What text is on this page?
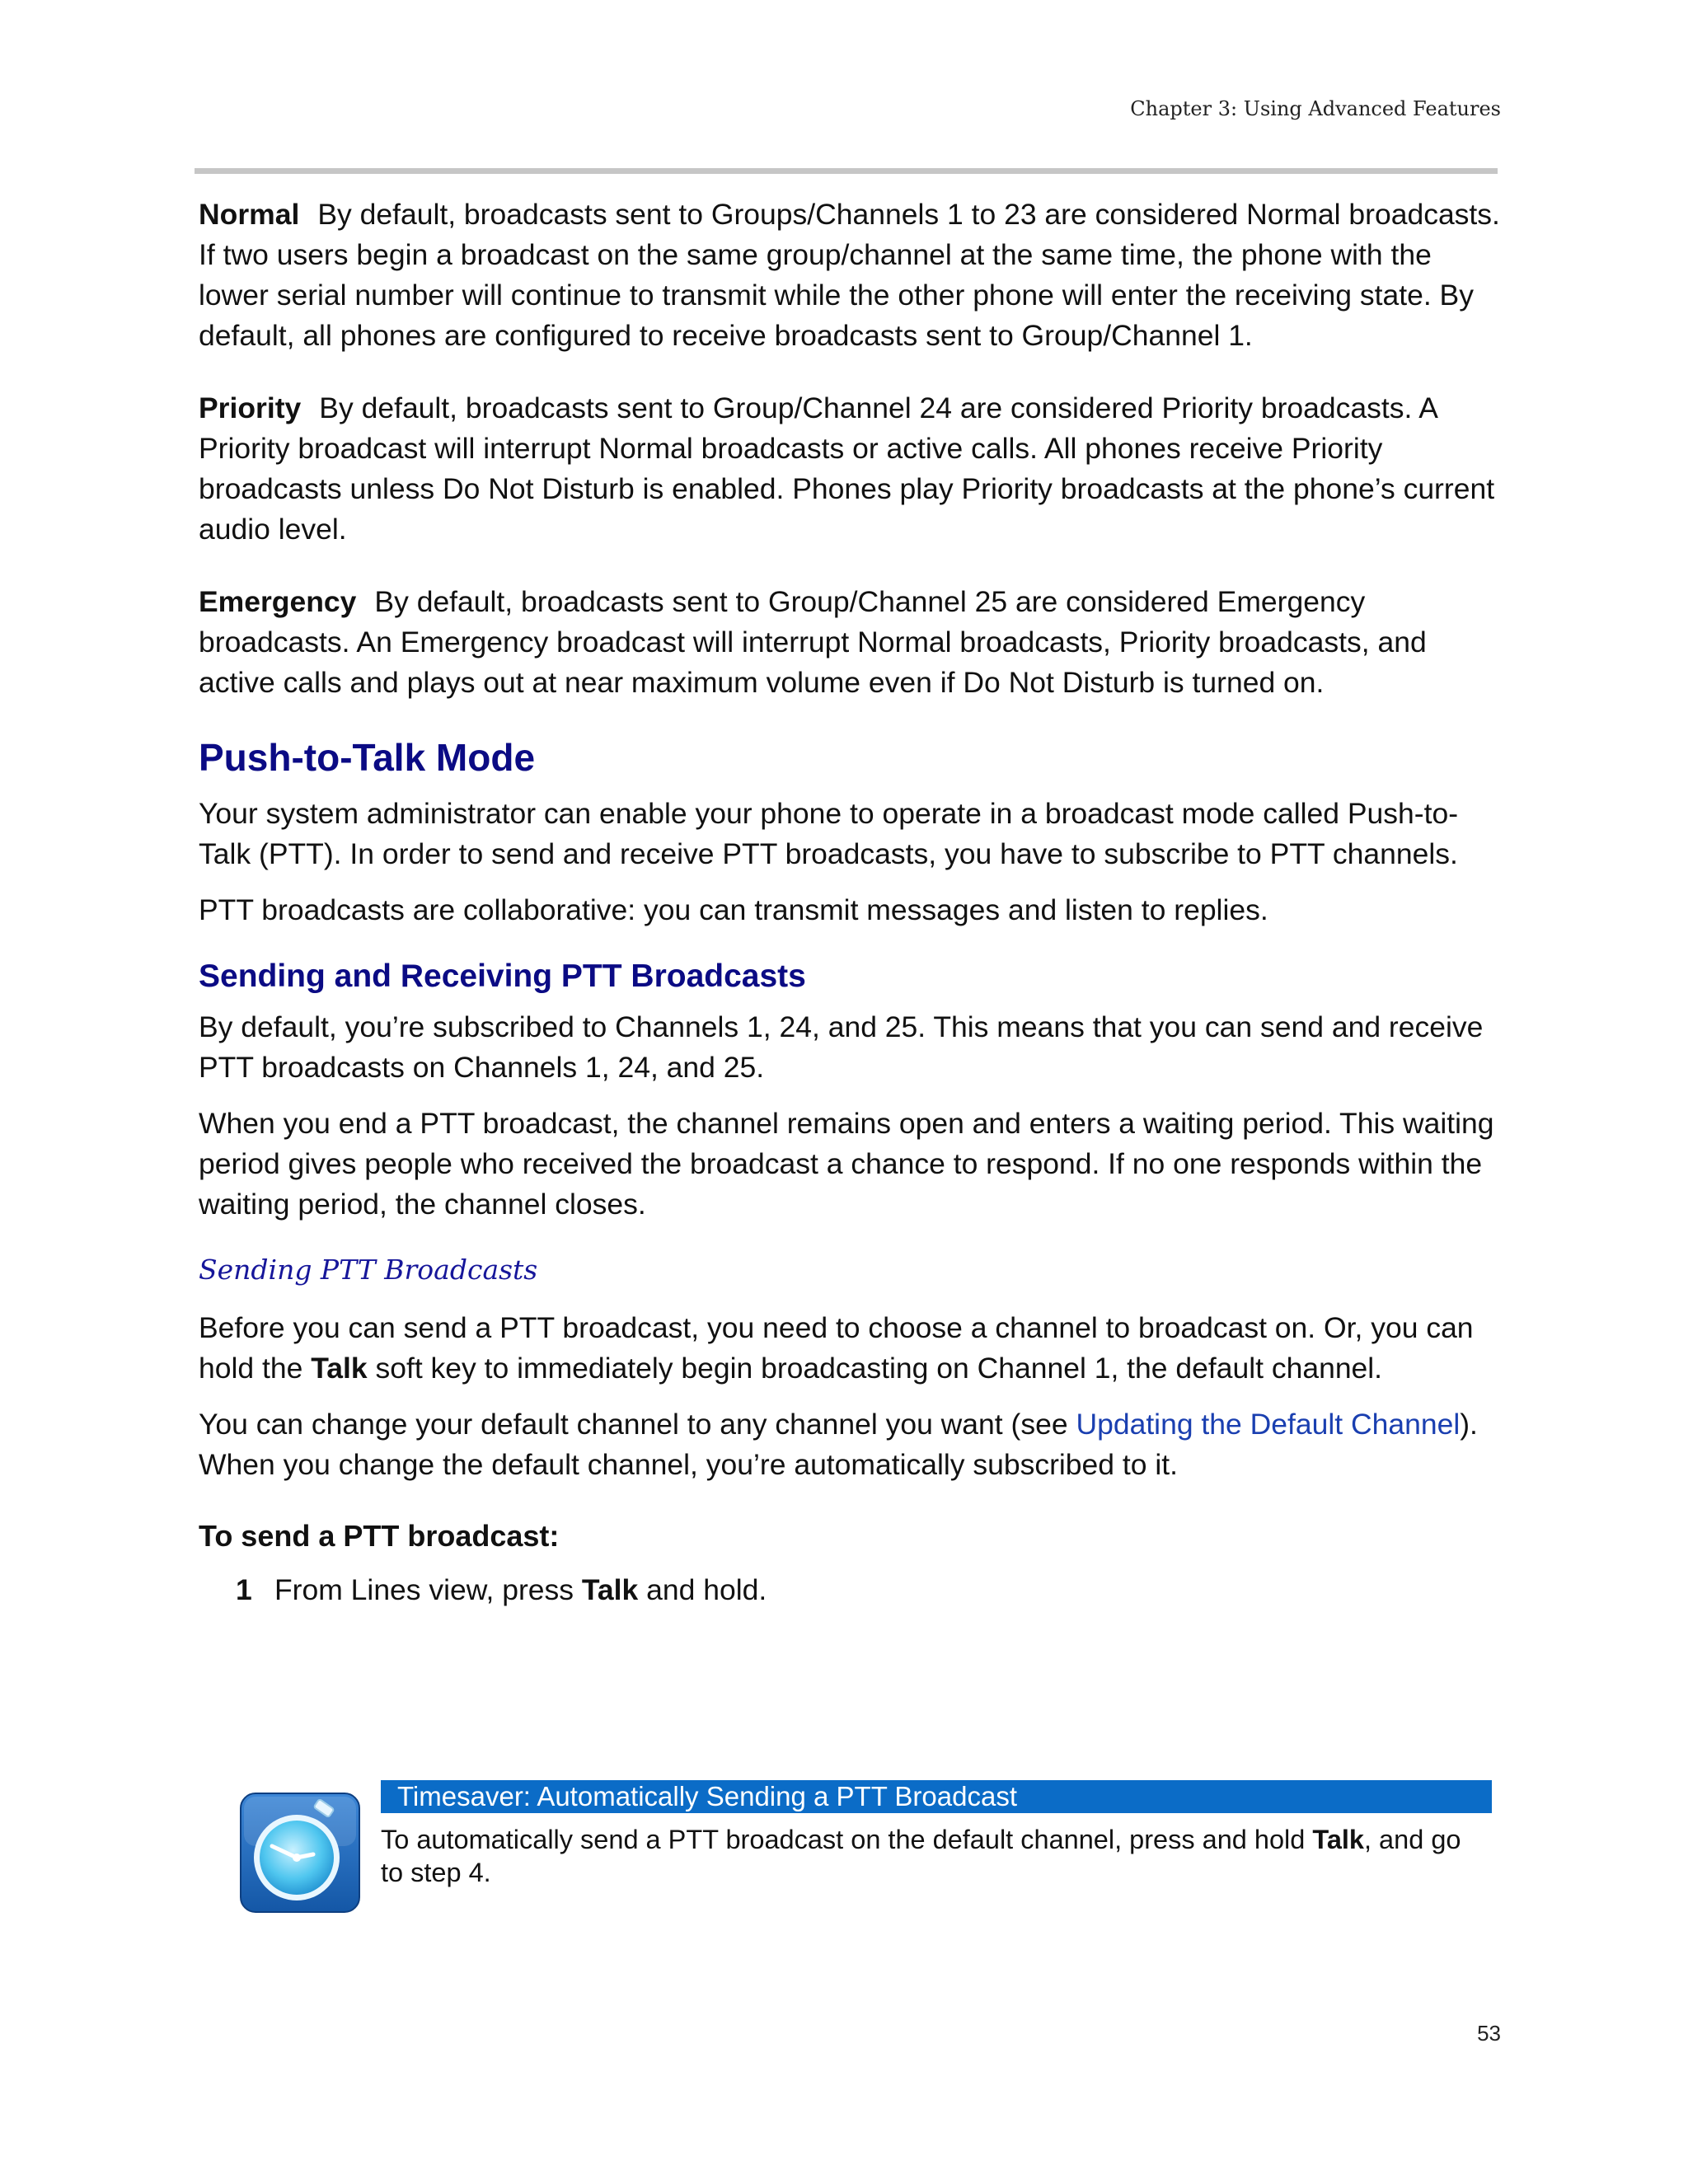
Chapter 3: Using Advanced Features

Normal By default, broadcasts sent to Groups/Channels 1 to 23 are considered Normal broadcasts. If two users begin a broadcast on the same group/channel at the same time, the phone with the lower serial number will continue to transmit while the other phone will enter the receiving state. By default, all phones are configured to receive broadcasts sent to Group/Channel 1.

Priority By default, broadcasts sent to Group/Channel 24 are considered Priority broadcasts. A Priority broadcast will interrupt Normal broadcasts or active calls. All phones receive Priority broadcasts unless Do Not Disturb is enabled. Phones play Priority broadcasts at the phone’s current audio level.

Emergency By default, broadcasts sent to Group/Channel 25 are considered Emergency broadcasts. An Emergency broadcast will interrupt Normal broadcasts, Priority broadcasts, and active calls and plays out at near maximum volume even if Do Not Disturb is turned on.

Push-to-Talk Mode

Your system administrator can enable your phone to operate in a broadcast mode called Push-to-Talk (PTT). In order to send and receive PTT broadcasts, you have to subscribe to PTT channels.

PTT broadcasts are collaborative: you can transmit messages and listen to replies.

Sending and Receiving PTT Broadcasts

By default, you’re subscribed to Channels 1, 24, and 25. This means that you can send and receive PTT broadcasts on Channels 1, 24, and 25.

When you end a PTT broadcast, the channel remains open and enters a waiting period. This waiting period gives people who received the broadcast a chance to respond. If no one responds within the waiting period, the channel closes.

Sending PTT Broadcasts

Before you can send a PTT broadcast, you need to choose a channel to broadcast on. Or, you can hold the Talk soft key to immediately begin broadcasting on Channel 1, the default channel.

You can change your default channel to any channel you want (see Updating the Default Channel). When you change the default channel, you’re automatically subscribed to it.

To send a PTT broadcast:

1 From Lines view, press Talk and hold.

Timesaver: Automatically Sending a PTT Broadcast
To automatically send a PTT broadcast on the default channel, press and hold Talk, and go to step 4.
53
